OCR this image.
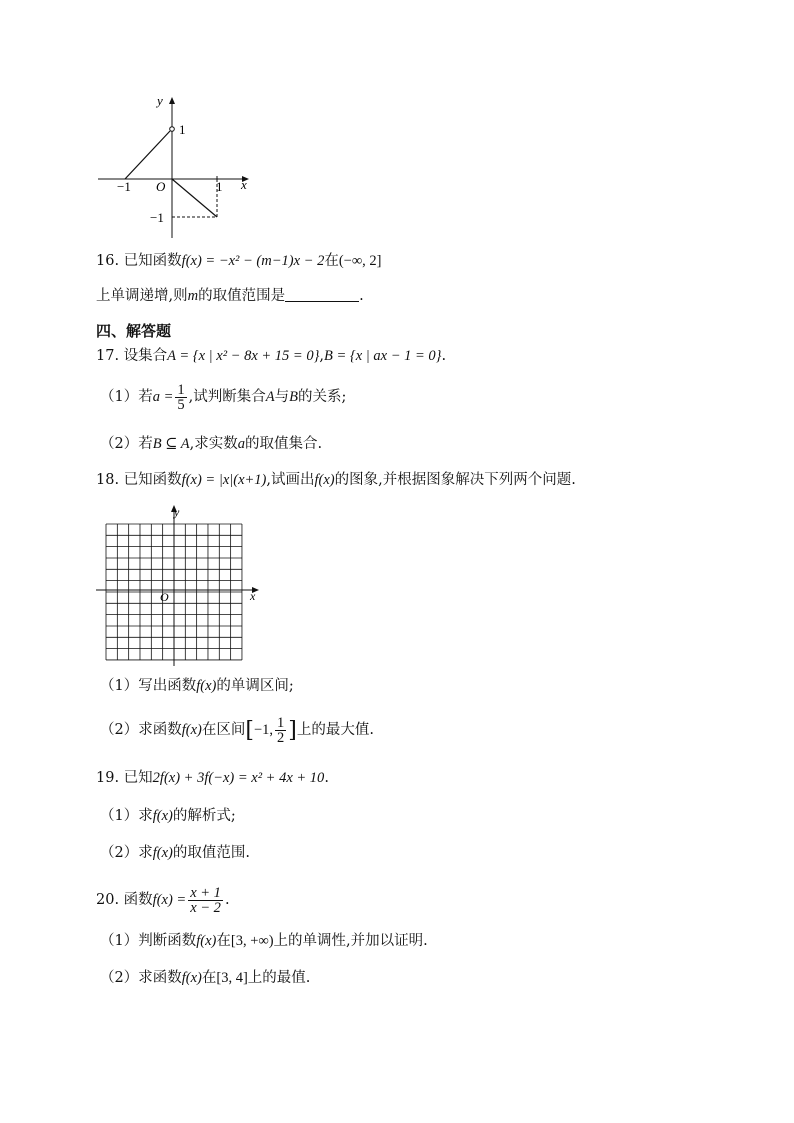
y
1
−1 O	1 x
−1
16. 已知函数f(x) = −x² − (m−1)x − 2在(−∞, 2]
上单调递增,则m的取值范围是	.
四、解答题
17. 设集合A = {x | x² − 8x + 15 = 0},B = {x | ax − 1 = 0}.
（1）若$a = \frac{1}{5}$ ,试判断集合A与B的关系;
（2）若B ⊆ A,求实数a的取值集合.
18. 已知函数f(x) = |x|(x+1),试画出f(x)的图象,并根据图象解决下列两个问题.
y
x
O
（1）写出函数f(x)的单调区间;
（2）求函数f(x)在区间[−1, $\frac{1}{2}$ ]上的最大值.
19. 已知2f(x) + 3f(−x) = x² + 4x + 10.
（1）求f(x)的解析式;
（2）求f(x)的取值范围.
20. 函数$f(x) = \frac{x + 1}{x - 2}$ .
（1）判断函数f(x)在[3, +∞)上的单调性,并加以证明.
（2）求函数f(x)在[3, 4]上的最值.
